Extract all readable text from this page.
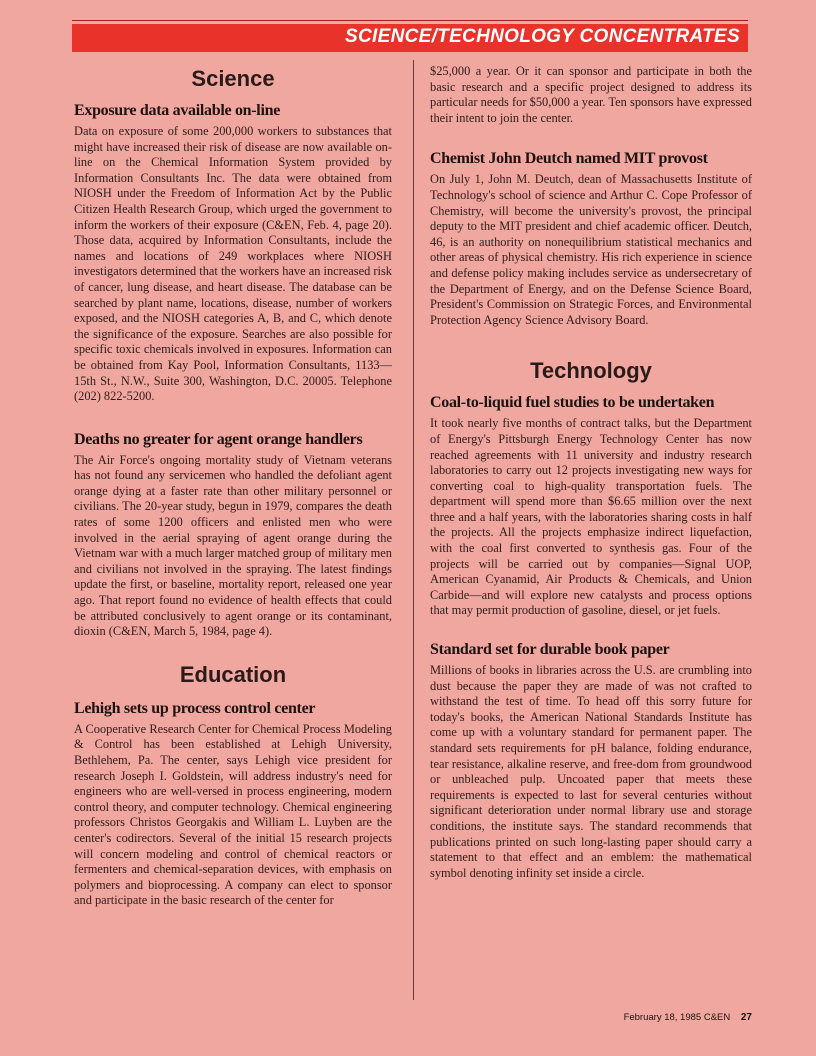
SCIENCE/TECHNOLOGY CONCENTRATES
Science
Exposure data available on-line

Data on exposure of some 200,000 workers to substances that might have increased their risk of disease are now available on-line on the Chemical Information System provided by Information Consultants Inc. The data were obtained from NIOSH under the Freedom of Information Act by the Public Citizen Health Research Group, which urged the government to inform the workers of their exposure (C&EN, Feb. 4, page 20). Those data, acquired by Information Consultants, include the names and locations of 249 workplaces where NIOSH investigators determined that the workers have an increased risk of cancer, lung disease, and heart disease. The database can be searched by plant name, locations, disease, number of workers exposed, and the NIOSH categories A, B, and C, which denote the significance of the exposure. Searches are also possible for specific toxic chemicals involved in exposures. Information can be obtained from Kay Pool, Information Consultants, 1133—15th St., N.W., Suite 300, Washington, D.C. 20005. Telephone (202) 822-5200.

Deaths no greater for agent orange handlers

The Air Force's ongoing mortality study of Vietnam veterans has not found any servicemen who handled the defoliant agent orange dying at a faster rate than other military personnel or civilians. The 20-year study, begun in 1979, compares the death rates of some 1200 officers and enlisted men who were involved in the aerial spraying of agent orange during the Vietnam war with a much larger matched group of military men and civilians not involved in the spraying. The latest findings update the first, or baseline, mortality report, released one year ago. That report found no evidence of health effects that could be attributed conclusively to agent orange or its contaminant, dioxin (C&EN, March 5, 1984, page 4).

Education
Lehigh sets up process control center

A Cooperative Research Center for Chemical Process Modeling & Control has been established at Lehigh University, Bethlehem, Pa. The center, says Lehigh vice president for research Joseph I. Goldstein, will address industry's need for engineers who are well-versed in process engineering, modern control theory, and computer technology. Chemical engineering professors Christos Georgakis and William L. Luyben are the center's codirectors. Several of the initial 15 research projects will concern modeling and control of chemical reactors or fermenters and chemical-separation devices, with emphasis on polymers and bioprocessing. A company can elect to sponsor and participate in the basic research of the center for

$25,000 a year. Or it can sponsor and participate in both the basic research and a specific project designed to address its particular needs for $50,000 a year. Ten sponsors have expressed their intent to join the center.

Chemist John Deutch named MIT provost

On July 1, John M. Deutch, dean of Massachusetts Institute of Technology's school of science and Arthur C. Cope Professor of Chemistry, will become the university's provost, the principal deputy to the MIT president and chief academic officer. Deutch, 46, is an authority on nonequilibrium statistical mechanics and other areas of physical chemistry. His rich experience in science and defense policy making includes service as undersecretary of the Department of Energy, and on the Defense Science Board, President's Commission on Strategic Forces, and Environmental Protection Agency Science Advisory Board.

Technology
Coal-to-liquid fuel studies to be undertaken

It took nearly five months of contract talks, but the Department of Energy's Pittsburgh Energy Technology Center has now reached agreements with 11 university and industry research laboratories to carry out 12 projects investigating new ways for converting coal to high-quality transportation fuels. The department will spend more than $6.65 million over the next three and a half years, with the laboratories sharing costs in half the projects. All the projects emphasize indirect liquefaction, with the coal first converted to synthesis gas. Four of the projects will be carried out by companies—Signal UOP, American Cyanamid, Air Products & Chemicals, and Union Carbide—and will explore new catalysts and process options that may permit production of gasoline, diesel, or jet fuels.

Standard set for durable book paper

Millions of books in libraries across the U.S. are crumbling into dust because the paper they are made of was not crafted to withstand the test of time. To head off this sorry future for today's books, the American National Standards Institute has come up with a voluntary standard for permanent paper. The standard sets requirements for pH balance, folding endurance, tear resistance, alkaline reserve, and free-dom from groundwood or unbleached pulp. Uncoated paper that meets these requirements is expected to last for several centuries without significant deterioration under normal library use and storage conditions, the institute says. The standard recommends that publications printed on such long-lasting paper should carry a statement to that effect and an emblem: the mathematical symbol denoting infinity set inside a circle.

February 18, 1985 C&EN 27
